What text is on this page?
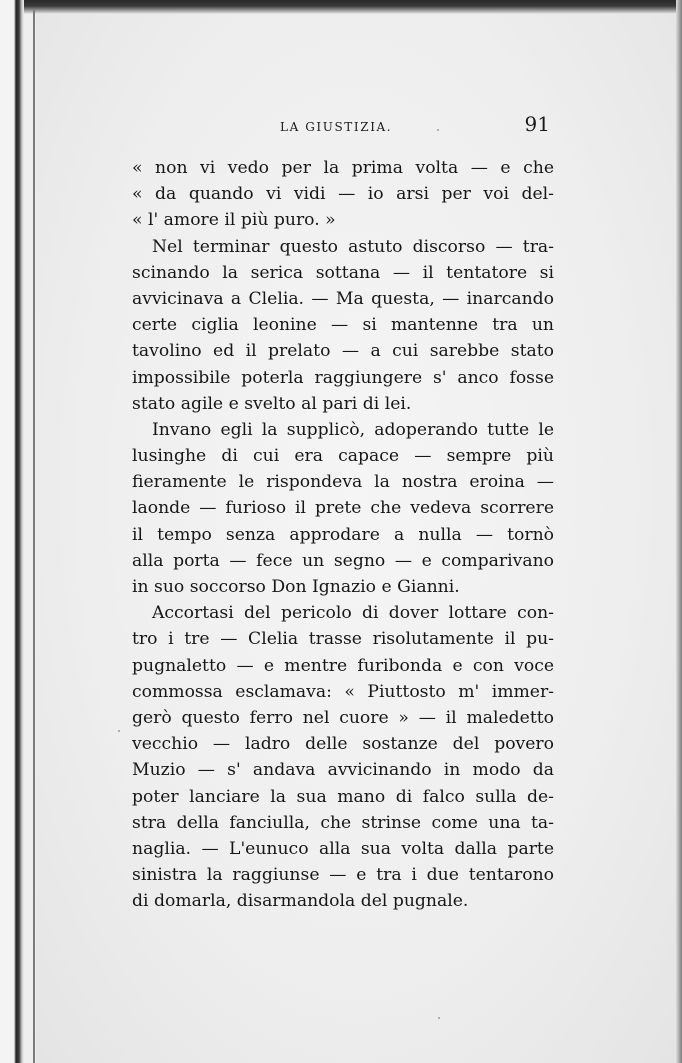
LA GIUSTIZIA.	91
« non vi vedo per la prima volta — e che
« da quando vi vidi — io arsi per voi del-
« l' amore il più puro. »
Nel terminar questo astuto discorso — tra-
scinando la serica sottana — il tentatore si
avvicinava a Clelia. — Ma questa, — inarcando
certe ciglia leonine — si mantenne tra un
tavolino ed il prelato — a cui sarebbe stato
impossibile poterla raggiungere s' anco fosse
stato agile e svelto al pari di lei.
Invano egli la supplicò, adoperando tutte le
lusinghe di cui era capace — sempre più
fieramente le rispondeva la nostra eroina —
laonde — furioso il prete che vedeva scorrere
il tempo senza approdare a nulla — tornò
alla porta — fece un segno — e comparivano
in suo soccorso Don Ignazio e Gianni.
Accortasi del pericolo di dover lottare con-
tro i tre — Clelia trasse risolutamente il pu-
pugnaletto — e mentre furibonda e con voce
commossa esclamava: « Piuttosto m' immer-
gerò questo ferro nel cuore » — il maledetto
vecchio — ladro delle sostanze del povero
Muzio — s' andava avvicinando in modo da
poter lanciare la sua mano di falco sulla de-
stra della fanciulla, che strinse come una ta-
naglia. — L'eunuco alla sua volta dalla parte
sinistra la raggiunse — e tra i due tentarono
di domarla, disarmandola del pugnale.
